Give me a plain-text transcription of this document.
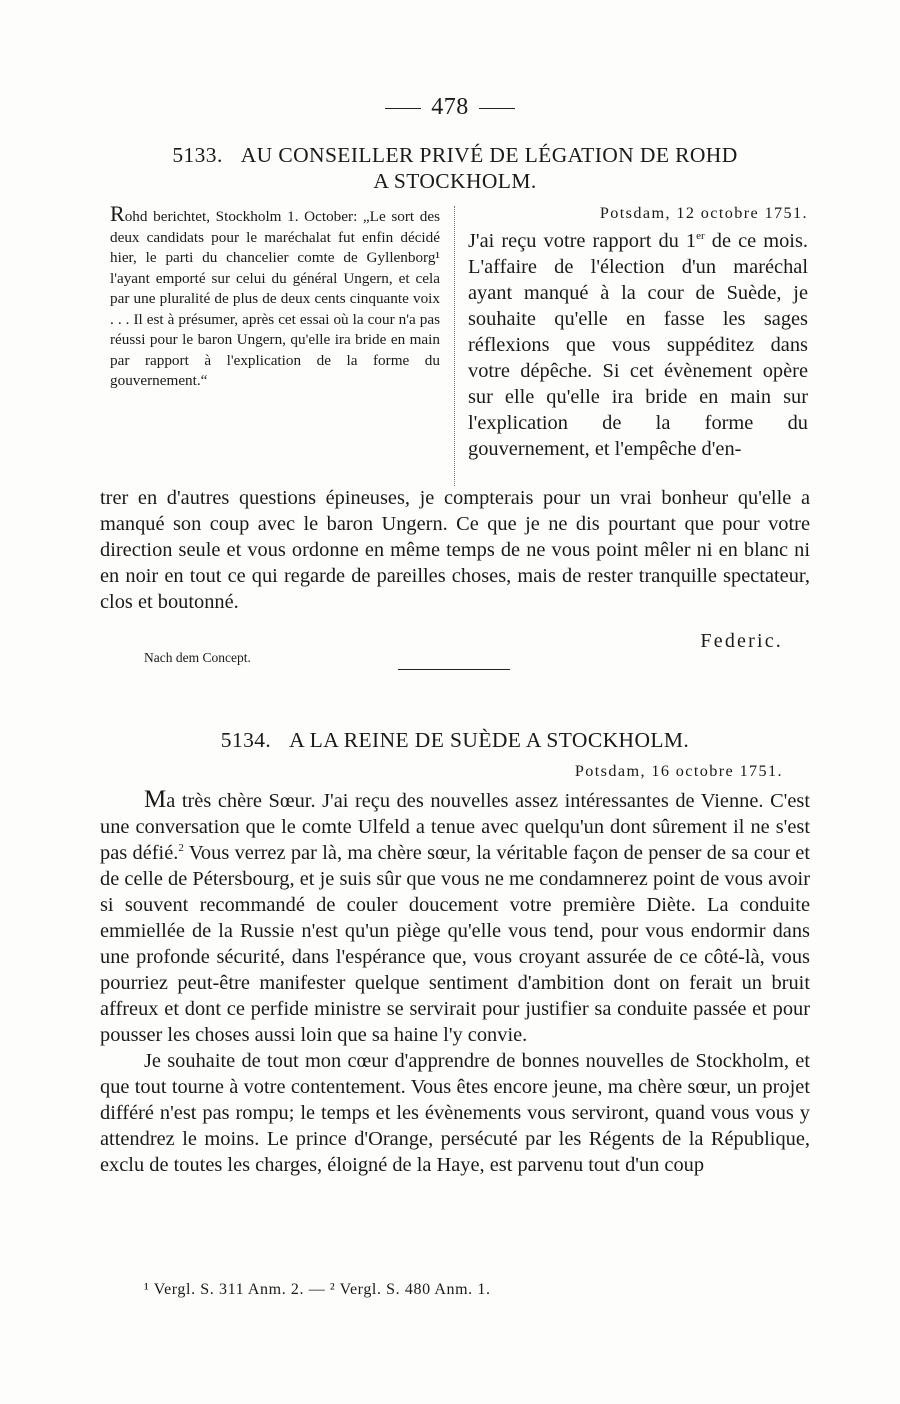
478
5133. AU CONSEILLER PRIVÉ DE LÉGATION DE ROHD
A STOCKHOLM.

Rohd berichtet, Stockholm 1. October: „Le sort des deux candidats pour le maréchalat fut enfin décidé hier, le parti du chancelier comte de Gyllenborg¹ l'ayant emporté sur celui du général Ungern, et cela par une pluralité de plus de deux cents cinquante voix . . . Il est à présumer, après cet essai où la cour n'a pas réussi pour le baron Ungern, qu'elle ira bride en main par rapport à l'explication de la forme du gouvernement.“

Potsdam, 12 octobre 1751.

J'ai reçu votre rapport du 1er de ce mois. L'affaire de l'élection d'un maréchal ayant manqué à la cour de Suède, je souhaite qu'elle en fasse les sages réflexions que vous suppéditez dans votre dépêche. Si cet évènement opère sur elle qu'elle ira bride en main sur l'explication de la forme du gouvernement, et l'empêche d'en-

trer en d'autres questions épineuses, je compterais pour un vrai bonheur qu'elle a manqué son coup avec le baron Ungern. Ce que je ne dis pourtant que pour votre direction seule et vous ordonne en même temps de ne vous point mêler ni en blanc ni en noir en tout ce qui regarde de pareilles choses, mais de rester tranquille spectateur, clos et boutonné.

Federic.
Nach dem Concept.
5134. A LA REINE DE SUÈDE A STOCKHOLM.
Potsdam, 16 octobre 1751.

Ma très chère Sœur. J'ai reçu des nouvelles assez intéressantes de Vienne. C'est une conversation que le comte Ulfeld a tenue avec quelqu'un dont sûrement il ne s'est pas défié.$^2$ Vous verrez par là, ma chère sœur, la véritable façon de penser de sa cour et de celle de Pétersbourg, et je suis sûr que vous ne me condamnerez point de vous avoir si souvent recommandé de couler doucement votre première Diète. La conduite emmiellée de la Russie n'est qu'un piège qu'elle vous tend, pour vous endormir dans une profonde sécurité, dans l'espérance que, vous croyant assurée de ce côté-là, vous pourriez peut-être manifester quelque sentiment d'ambition dont on ferait un bruit affreux et dont ce perfide ministre se servirait pour justifier sa conduite passée et pour pousser les choses aussi loin que sa haine l'y convie.

Je souhaite de tout mon cœur d'apprendre de bonnes nouvelles de Stockholm, et que tout tourne à votre contentement. Vous êtes encore jeune, ma chère sœur, un projet différé n'est pas rompu; le temps et les évènements vous serviront, quand vous vous y attendrez le moins. Le prince d'Orange, persécuté par les Régents de la République, exclu de toutes les charges, éloigné de la Haye, est parvenu tout d'un coup

¹ Vergl. S. 311 Anm. 2. — ² Vergl. S. 480 Anm. 1.
